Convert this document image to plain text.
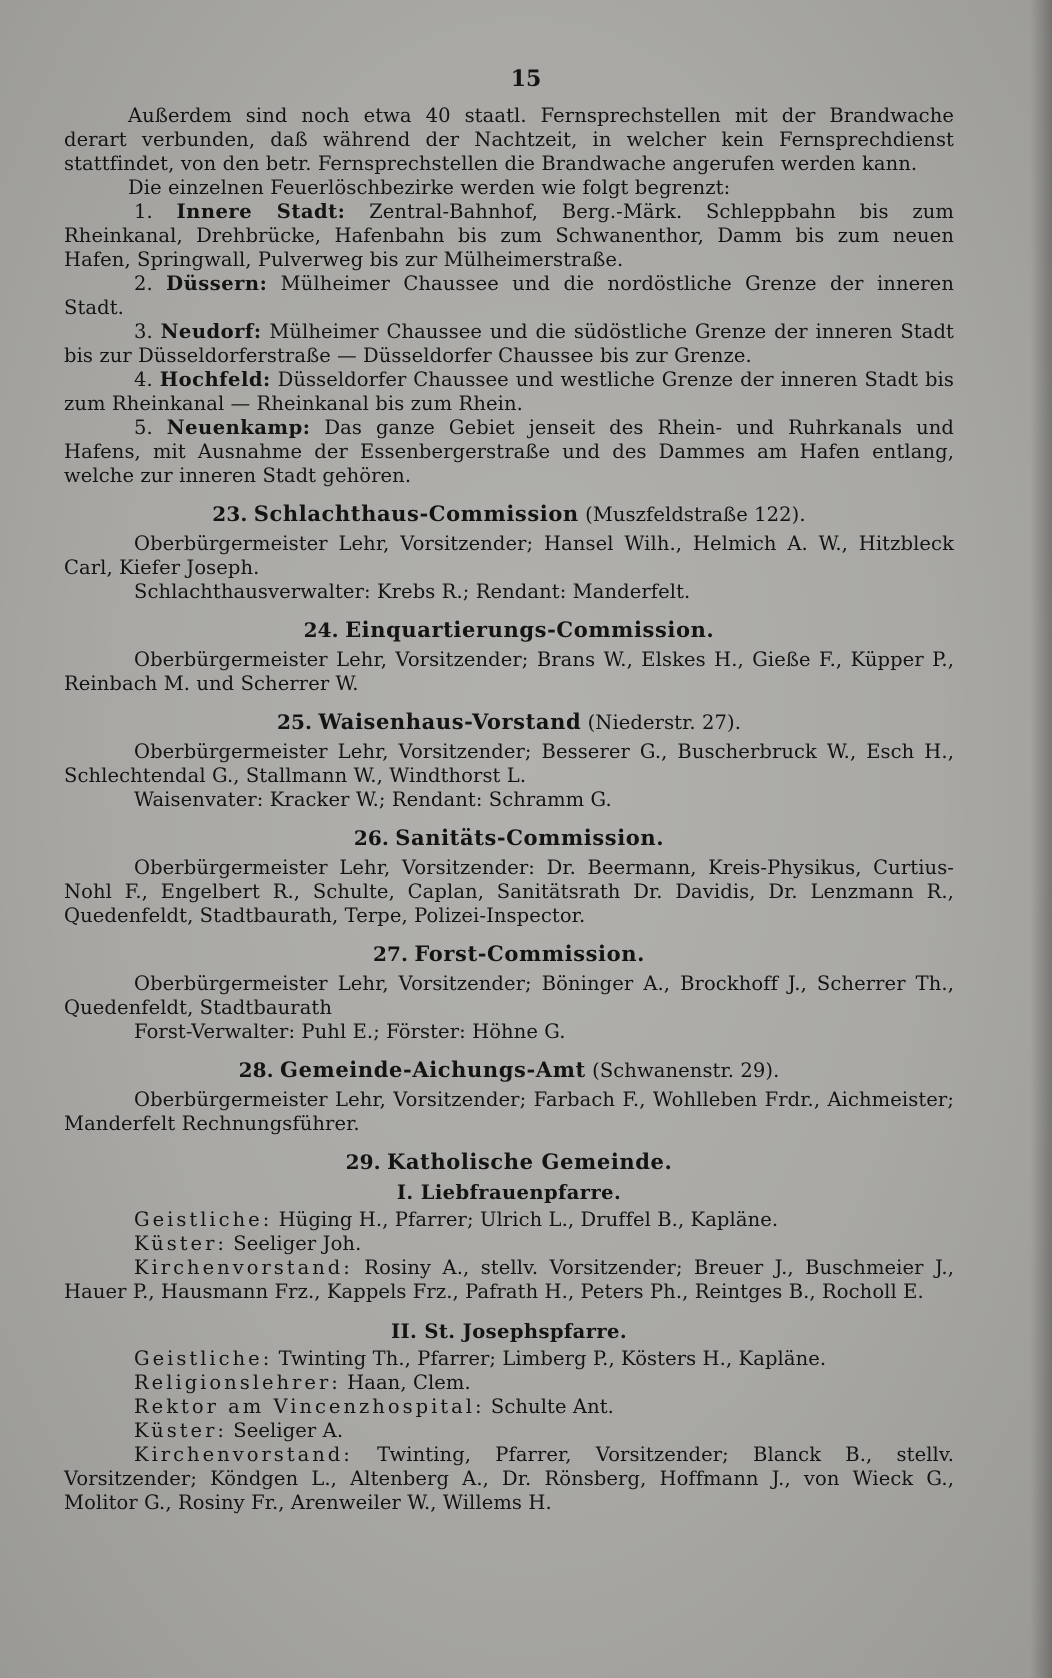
15

Außerdem sind noch etwa 40 staatl. Fernsprechstellen mit der Brandwache derart verbunden, daß während der Nachtzeit, in welcher kein Fernsprechdienst stattfindet, von den betr. Fernsprechstellen die Brandwache angerufen werden kann.

Die einzelnen Feuerlöschbezirke werden wie folgt begrenzt:

1. Innere Stadt: Zentral-Bahnhof, Berg.-Märk. Schleppbahn bis zum Rheinkanal, Drehbrücke, Hafenbahn bis zum Schwanenthor, Damm bis zum neuen Hafen, Springwall, Pulverweg bis zur Mülheimerstraße.

2. Düssern: Mülheimer Chaussee und die nordöstliche Grenze der inneren Stadt.

3. Neudorf: Mülheimer Chaussee und die südöstliche Grenze der inneren Stadt bis zur Düsseldorferstraße — Düsseldorfer Chaussee bis zur Grenze.

4. Hochfeld: Düsseldorfer Chaussee und westliche Grenze der inneren Stadt bis zum Rheinkanal — Rheinkanal bis zum Rhein.

5. Neuenkamp: Das ganze Gebiet jenseit des Rhein- und Ruhrkanals und Hafens, mit Ausnahme der Essenbergerstraße und des Dammes am Hafen entlang, welche zur inneren Stadt gehören.

23. Schlachthaus-Commission (Muszfeldstraße 122).

Oberbürgermeister Lehr, Vorsitzender; Hansel Wilh., Helmich A. W., Hitzbleck Carl, Kiefer Joseph.

Schlachthausverwalter: Krebs R.; Rendant: Manderfelt.

24. Einquartierungs-Commission.

Oberbürgermeister Lehr, Vorsitzender; Brans W., Elskes H., Gieße F., Küpper P., Reinbach M. und Scherrer W.

25. Waisenhaus-Vorstand (Niederstr. 27).

Oberbürgermeister Lehr, Vorsitzender; Besserer G., Buscherbruck W., Esch H., Schlechtendal G., Stallmann W., Windthorst L.

Waisenvater: Kracker W.; Rendant: Schramm G.

26. Sanitäts-Commission.

Oberbürgermeister Lehr, Vorsitzender: Dr. Beermann, Kreis-Physikus, Curtius-Nohl F., Engelbert R., Schulte, Caplan, Sanitätsrath Dr. Davidis, Dr. Lenzmann R., Quedenfeldt, Stadtbaurath, Terpe, Polizei-Inspector.

27. Forst-Commission.

Oberbürgermeister Lehr, Vorsitzender; Böninger A., Brockhoff J., Scherrer Th., Quedenfeldt, Stadtbaurath

Forst-Verwalter: Puhl E.; Förster: Höhne G.

28. Gemeinde-Aichungs-Amt (Schwanenstr. 29).

Oberbürgermeister Lehr, Vorsitzender; Farbach F., Wohlleben Frdr., Aichmeister; Manderfelt Rechnungsführer.

29. Katholische Gemeinde.
I. Liebfrauenpfarre.

Geistliche: Hüging H., Pfarrer; Ulrich L., Druffel B., Kapläne.

Küster: Seeliger Joh.

Kirchenvorstand: Rosiny A., stellv. Vorsitzender; Breuer J., Buschmeier J., Hauer P., Hausmann Frz., Kappels Frz., Pafrath H., Peters Ph., Reintges B., Rocholl E.

II. St. Josephspfarre.

Geistliche: Twinting Th., Pfarrer; Limberg P., Kösters H., Kapläne.

Religionslehrer: Haan, Clem.

Rektor am Vincenzhospital: Schulte Ant.

Küster: Seeliger A.

Kirchenvorstand: Twinting, Pfarrer, Vorsitzender; Blanck B., stellv. Vorsitzender; Köndgen L., Altenberg A., Dr. Rönsberg, Hoffmann J., von Wieck G., Molitor G., Rosiny Fr., Arenweiler W., Willems H.
